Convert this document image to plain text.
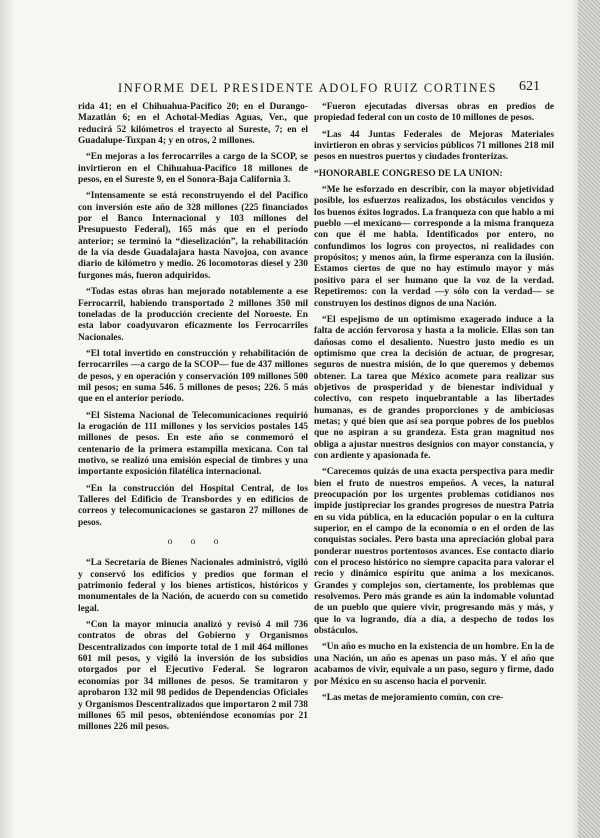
INFORME DEL PRESIDENTE ADOLFO RUIZ CORTINES	621

rida 41; en el Chihuahua-Pacífico 20; en el Durango-Mazatlán 6; en el Achotal-Medias Aguas, Ver., que reducirá 52 kilómetros el trayecto al Sureste, 7; en el Guadalupe-Tuxpan 4; y en otros, 2 millones.

“En mejoras a los ferrocarriles a cargo de la SCOP, se invirtieron en el Chihuahua-Pacífico 18 millones de pesos, en el Sureste 9, en el Sonora-Baja California 3.

“Intensamente se está reconstruyendo el del Pacífico con inversión este año de 328 millones (225 financiados por el Banco Internacional y 103 millones del Presupuesto Federal), 165 más que en el período anterior; se terminó la “dieselización”, la rehabilitación de la vía desde Guadalajara hasta Navojoa, con avance diario de kilómetro y medio. 26 locomotoras diesel y 230 furgones más, fueron adquiridos.

“Todas estas obras han mejorado notablemente a ese Ferrocarril, habiendo transportado 2 millones 350 mil toneladas de la producción creciente del Noroeste. En esta labor coadyuvaron eficazmente los Ferrocarriles Nacionales.

“El total invertido en construcción y rehabilitación de ferrocarriles —a cargo de la SCOP— fue de 437 millones de pesos, y en operación y conservación 109 millones 500 mil pesos; en suma 546. 5 millones de pesos; 226. 5 más que en el anterior período.

“El Sistema Nacional de Telecomunicaciones requirió la erogación de 111 millones y los servicios postales 145 millones de pesos. En este año se conmemoró el centenario de la primera estampilla mexicana. Con tal motivo, se realizó una emisión especial de timbres y una importante exposición filatélica internacional.

“En la construcción del Hospital Central, de los Talleres del Edificio de Transbordes y en edificios de correos y telecomunicaciones se gastaron 27 millones de pesos.

o o o

“La Secretaría de Bienes Nacionales administró, vigiló y conservó los edificios y predios que forman el patrimonio federal y los bienes artísticos, históricos y monumentales de la Nación, de acuerdo con su cometido legal.

“Con la mayor minucia analizó y revisó 4 mil 736 contratos de obras del Gobierno y Organismos Descentralizados con importe total de 1 mil 464 millones 601 mil pesos, y vigiló la inversión de los subsidios otorgados por el Ejecutivo Federal. Se lograron economías por 34 millones de pesos. Se tramitaron y aprobaron 132 mil 98 pedidos de Dependencias Oficiales y Organismos Descentralizados que importaron 2 mil 738 millones 65 mil pesos, obteniéndose economías por 21 millones 226 mil pesos.

“Fueron ejecutadas diversas obras en predios de propiedad federal con un costo de 10 millones de pesos.

“Las 44 Juntas Federales de Mejoras Materiales invirtieron en obras y servicios públicos 71 millones 218 mil pesos en nuestros puertos y ciudades fronterizas.

“HONORABLE CONGRESO DE LA UNION:

“Me he esforzado en describir, con la mayor objetividad posible, los esfuerzos realizados, los obstáculos vencidos y los buenos éxitos logrados. La franqueza con que hablo a mi pueblo —el mexicano— corresponde a la misma franqueza con que él me habla. Identificados por entero, no confundimos los logros con proyectos, ni realidades con propósitos; y menos aún, la firme esperanza con la ilusión. Estamos ciertos de que no hay estímulo mayor y más positivo para el ser humano que la voz de la verdad. Repetiremos: con la verdad —y sólo con la verdad— se construyen los destinos dignos de una Nación.

“El espejismo de un optimismo exagerado induce a la falta de acción fervorosa y hasta a la molicie. Ellas son tan dañosas como el desaliento. Nuestro justo medio es un optimismo que crea la decisión de actuar, de progresar, seguros de nuestra misión, de lo que queremos y debemos obtener. La tarea que México acomete para realizar sus objetivos de prosperidad y de bienestar individual y colectivo, con respeto inquebrantable a las libertades humanas, es de grandes proporciones y de ambiciosas metas; y qué bien que así sea porque pobres de los pueblos que no aspiran a su grandeza. Esta gran magnitud nos obliga a ajustar nuestros designios con mayor constancia, y con ardiente y apasionada fe.

“Carecemos quizás de una exacta perspectiva para medir bien el fruto de nuestros empeños. A veces, la natural preocupación por los urgentes problemas cotidianos nos impide justipreciar los grandes progresos de nuestra Patria en su vida pública, en la educación popular o en la cultura superior, en el campo de la economía o en el orden de las conquistas sociales. Pero basta una apreciación global para ponderar nuestros portentosos avances. Ese contacto diario con el proceso histórico no siempre capacita para valorar el recio y dinámico espíritu que anima a los mexicanos. Grandes y complejos son, ciertamente, los problemas que resolvemos. Pero más grande es aún la indomable voluntad de un pueblo que quiere vivir, progresando más y más, y que lo va logrando, día a día, a despecho de todos los obstáculos.

“Un año es mucho en la existencia de un hombre. En la de una Nación, un año es apenas un paso más. Y el año que acabamos de vivir, equivale a un paso, seguro y firme, dado por México en su ascenso hacia el porvenir.

“Las metas de mejoramiento común, con cre-
